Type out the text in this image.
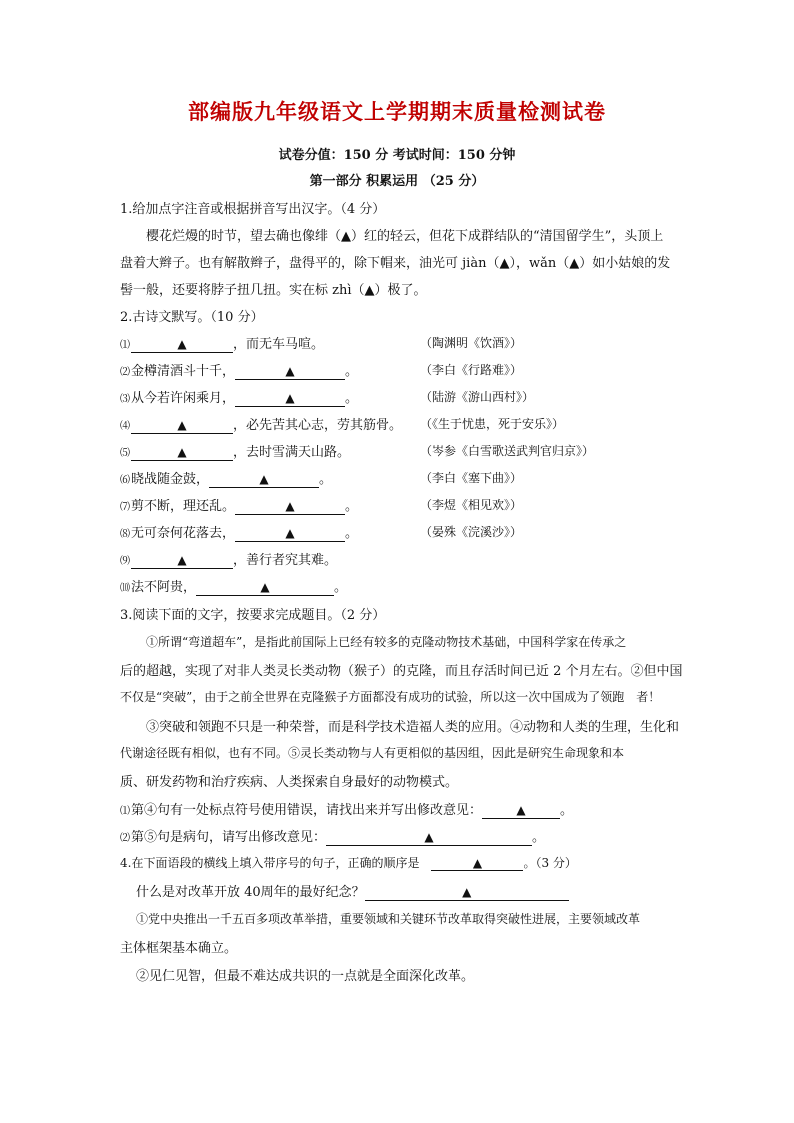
部编版九年级语文上学期期末质量检测试卷
试卷分值：150 分 考试时间：150 分钟
第一部分 积累运用 （25 分）
1.给加点字注音或根据拼音写出汉字。（4 分）
樱花烂熳的时节，望去确也像绯（▲）红的轻云，但花下成群结队的“清国留学生”，头顶上
盘着大辫子。也有解散辫子，盘得平的，除下帽来，油光可 jiàn（▲），wǎn（▲）如小姑娘的发
髻一般，还要将脖子扭几扭。实在标 zhì（▲）极了。
2.古诗文默写。（10 分）
⑴	▲	，而无车马喧。	（陶渊明《饮酒》）
⑵金樽清酒斗十千，	▲	。	（李白《行路难》）
⑶从今若许闲乘月，	▲	。	（陆游《游山西村》）
⑷	▲	，必先苦其心志，劳其筋骨。 （《生于忧患，死于安乐》）
⑸	▲	，去时雪满天山路。	（岑参《白雪歌送武判官归京》）
⑹晓战随金鼓，	▲	。	（李白《塞下曲》）
⑺剪不断，理还乱。	▲	。	（李煜《相见欢》）
⑻无可奈何花落去，	▲	。	（晏殊《浣溪沙》）
⑼	▲	，善行者究其难。
⑽法不阿贵，	▲	。
3.阅读下面的文字，按要求完成题目。（2 分）
①所谓“弯道超车”，是指此前国际上已经有较多的克隆动物技术基础，中国科学家在传承之
后的超越，实现了对非人类灵长类动物（猴子）的克隆，而且存活时间已近 2 个月左右。②但中国
不仅是“突破”，由于之前全世界在克隆猴子方面都没有成功的试验，所以这一次中国成为了领跑　者！
③突破和领跑不只是一种荣誉，而是科学技术造福人类的应用。④动物和人类的生理，生化和
代谢途径既有相似，也有不同。⑤灵长类动物与人有更相似的基因组，因此是研究生命现象和本
质、研发药物和治疗疾病、人类探索自身最好的动物模式。
⑴第④句有一处标点符号使用错误，请找出来并写出修改意见：	▲	。
⑵第⑤句是病句，请写出修改意见：	▲	。
4.在下面语段的横线上填入带序号的句子，正确的顺序是	▲	。（3 分）
什么是对改革开放 40周年的最好纪念？	▲
①党中央推出一千五百多项改革举措，重要领域和关键环节改革取得突破性进展，主要领域改革
主体框架基本确立。
②见仁见智，但最不难达成共识的一点就是全面深化改革。
